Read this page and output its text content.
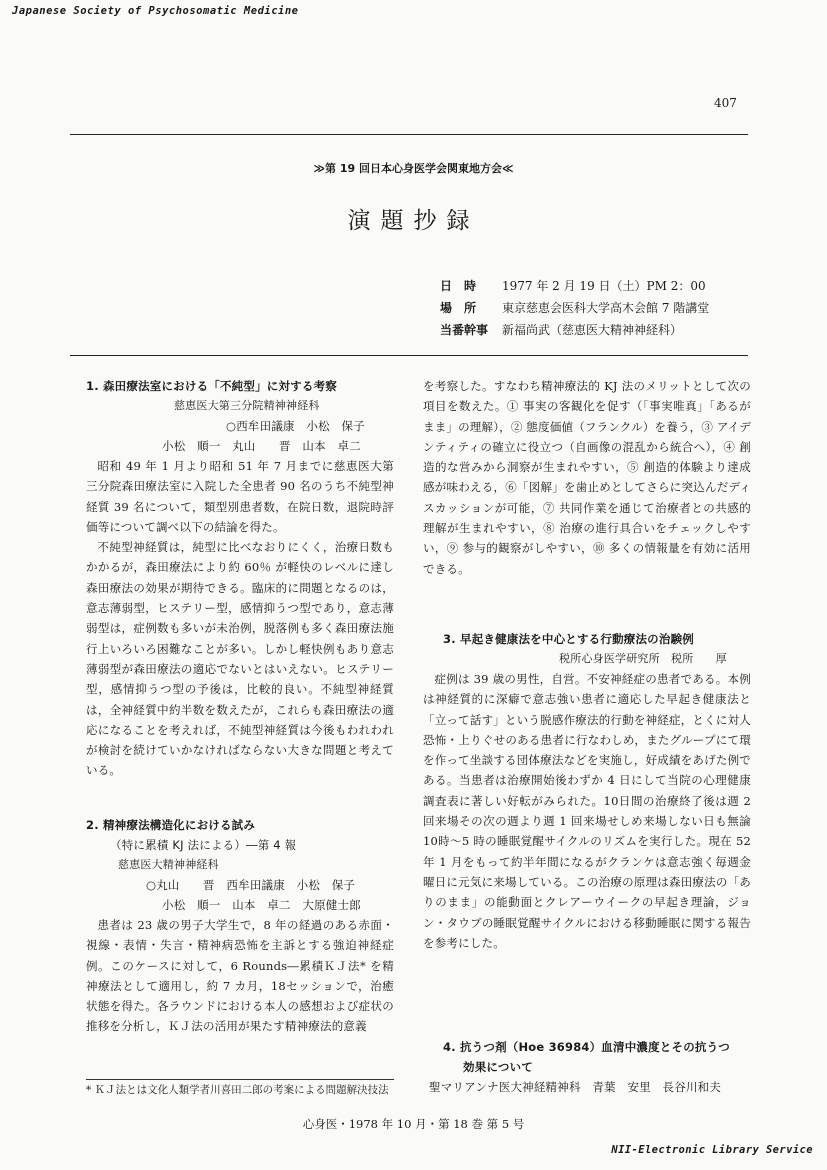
Japanese Society of Psychosomatic Medicine
407
≫第 19 回日本心身医学会関東地方会≪
演題抄録
日　時 1977 年 2 月 19 日（土）PM 2：00
場　所 東京慈恵会医科大学高木会館 7 階講堂
当番幹事 新福尚武（慈恵医大精神神経科）
1. 森田療法室における「不純型」に対する考察
慈恵医大第三分院精神神経科
○西牟田議康　小松　保子
小松　順一　丸山　　晋　山本　卓二

昭和 49 年 1 月より昭和 51 年 7 月までに慈恵医大第三分院森田療法室に入院した全患者 90 名のうち不純型神経質 39 名について，類型別患者数，在院日数，退院時評価等について調べ以下の結論を得た。

不純型神経質は，純型に比べなおりにくく，治療日数もかかるが，森田療法により約 60％ が軽快のレベルに達し森田療法の効果が期待できる。臨床的に問題となるのは，意志薄弱型，ヒステリー型，感情抑うつ型であり，意志薄弱型は，症例数も多いが未治例，脱落例も多く森田療法施行上いろいろ困難なことが多い。しかし軽快例もあり意志薄弱型が森田療法の適応でないとはいえない。ヒステリー型，感情抑うつ型の予後は，比較的良い。不純型神経質は，全神経質中約半数を数えたが，これらも森田療法の適応になることを考えれば，不純型神経質は今後もわれわれが検討を続けていかなければならない大きな問題と考えている。

2. 精神療法構造化における試み
（特に累積 KJ 法による）―第 4 報
慈恵医大精神神経科
○丸山　　晋　西牟田議康　小松　保子
小松　順一　山本　卓二　大原健士郎

患者は 23 歳の男子大学生で，8 年の経過のある赤面・視線・表情・失言・精神病恐怖を主訴とする強迫神経症例。このケースに対して，6 Rounds―累積ＫＪ法* を精神療法として適用し，約 7 カ月，18セッションで，治癒状態を得た。各ラウンドにおける本人の感想および症状の推移を分析し，ＫＪ法の活用が果たす精神療法的意義

* ＫＪ法とは文化人類学者川喜田二郎の考案による問題解決技法

を考察した。すなわち精神療法的 KJ 法のメリットとして次の項目を数えた。① 事実の客観化を促す（「事実唯真」「あるがまま」の理解），② 態度価値（フランクル）を養う，③ アイデンティティの確立に役立つ（自画像の混乱から統合へ），④ 創造的な営みから洞察が生まれやすい，⑤ 創造的体験より達成感が味わえる，⑥「図解」を歯止めとしてさらに突込んだディスカッションが可能，⑦ 共同作業を通じて治療者との共感的理解が生まれやすい，⑧ 治療の進行具合いをチェックしやすい，⑨ 参与的観察がしやすい，⑩ 多くの情報量を有効に活用できる。

3. 早起き健康法を中心とする行動療法の治験例
税所心身医学研究所　税所　　厚

症例は 39 歳の男性，自営。不安神経症の患者である。本例は神経質的に深癖で意志強い患者に適応した早起き健康法と「立って話す」という脱感作療法的行動を神経症，とくに対人恐怖・上りぐせのある患者に行なわしめ，またグループにて環を作って坐談する団体療法などを実施し，好成績をあげた例である。当患者は治療開始後わずか 4 日にして当院の心理健康調査表に著しい好転がみられた。10日間の治療終了後は週 2 回来場その次の週より週 1 回来場せしめ来場しない日も無論 10時〜5 時の睡眠覚醒サイクルのリズムを実行した。現在 52 年 1 月をもって約半年間になるがクランケは意志強く毎週金曜日に元気に来場している。この治療の原理は森田療法の「ありのまま」の能動面とクレアーウイークの早起き理論，ジョン・タウブの睡眠覚醒サイクルにおける移動睡眠に関する報告を参考にした。

4. 抗うつ剤（Hoe 36984）血清中濃度とその抗うつ
効果について
聖マリアンナ医大神経精神科　青葉　安里　長谷川和夫
心身医・1978 年 10 月・第 18 巻 第 5 号
NII-Electronic Library Service
